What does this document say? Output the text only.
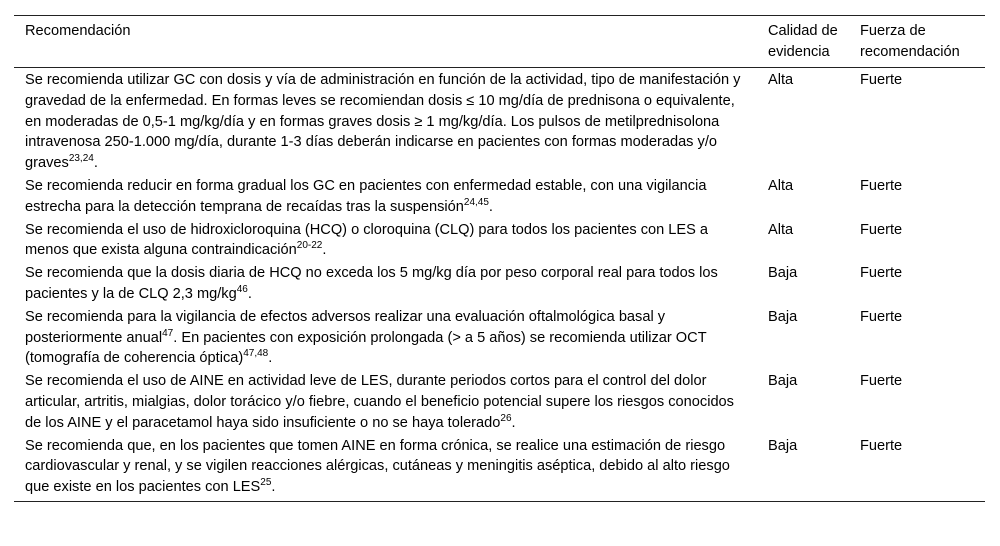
Recomendación	Calidad de evidencia	Fuerza de recomendación
Se recomienda utilizar GC con dosis y vía de administración en función de la actividad, tipo de manifestación y gravedad de la enfermedad. En formas leves se recomiendan dosis ≤ 10 mg/día de prednisona o equivalente, en moderadas de 0,5-1 mg/kg/día y en formas graves dosis ≥ 1 mg/kg/día. Los pulsos de metilprednisolona intravenosa 250-1.000 mg/día, durante 1-3 días deberán indicarse en pacientes con formas moderadas y/o graves$^{23,24}$.	Alta	Fuerte
Se recomienda reducir en forma gradual los GC en pacientes con enfermedad estable, con una vigilancia estrecha para la detección temprana de recaídas tras la suspensión$^{24,45}$.	Alta	Fuerte
Se recomienda el uso de hidroxicloroquina (HCQ) o cloroquina (CLQ) para todos los pacientes con LES a menos que exista alguna contraindicación$^{20-22}$.	Alta	Fuerte
Se recomienda que la dosis diaria de HCQ no exceda los 5 mg/kg día por peso corporal real para todos los pacientes y la de CLQ 2,3 $mg/kg^{46}$.	Baja	Fuerte
Se recomienda para la vigilancia de efectos adversos realizar una evaluación oftalmológica basal y posteriormente anual$^{47}$. En pacientes con exposición prolongada (> a 5 años) se recomienda utilizar OCT (tomografía de coherencia óptica)$^{47,48}$.	Baja	Fuerte
Se recomienda el uso de AINE en actividad leve de LES, durante periodos cortos para el control del dolor articular, artritis, mialgias, dolor torácico y/o fiebre, cuando el beneficio potencial supere los riesgos conocidos de los AINE y el paracetamol haya sido insuficiente o no se haya tolerado$^{26}$.	Baja	Fuerte
Se recomienda que, en los pacientes que tomen AINE en forma crónica, se realice una estimación de riesgo cardiovascular y renal, y se vigilen reacciones alérgicas, cutáneas y meningitis aséptica, debido al alto riesgo que existe en los pacientes con LES$^{25}$.	Baja	Fuerte
